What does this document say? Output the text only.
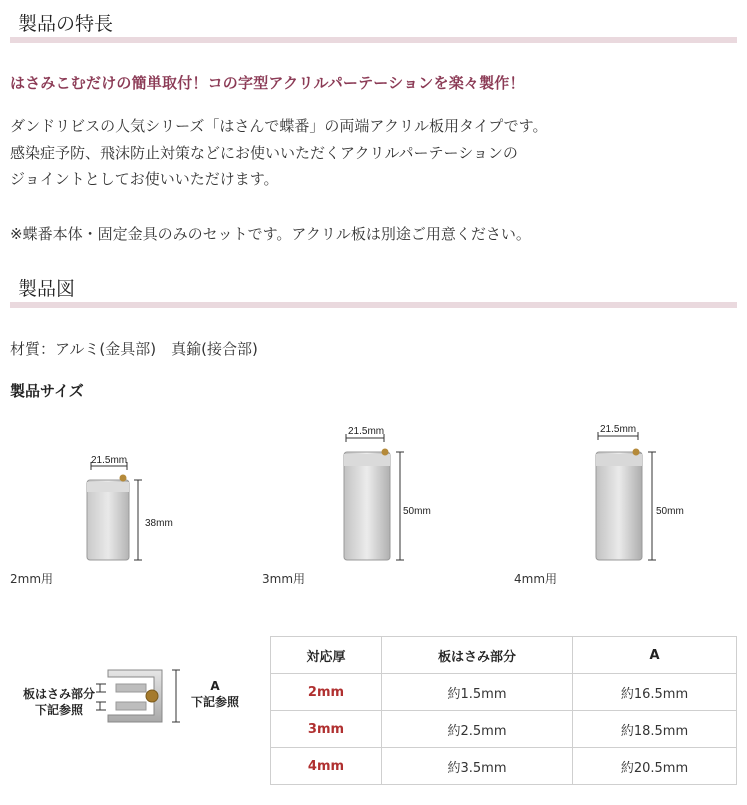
製品の特長
はさみこむだけの簡単取付！コの字型アクリルパーテーションを楽々製作！
ダンドリビスの人気シリーズ「はさんで蝶番」の両端アクリル板用タイプです。
感染症予防、飛沫防止対策などにお使いいただくアクリルパーテーションの
ジョイントとしてお使いいただけます。
※蝶番本体・固定金具のみのセットです。アクリル板は別途ご用意ください。
製品図
材質：アルミ(金具部)　真鍮(接合部)
製品サイズ
21.5mm
38mm
2mm用
21.5mm
50mm
3mm用
21.5mm
50mm
4mm用
板はさみ部分
下記参照
A
下記参照
対応厚	板はさみ部分	A
2mm	約1.5mm	約16.5mm
3mm	約2.5mm	約18.5mm
4mm	約3.5mm	約20.5mm
